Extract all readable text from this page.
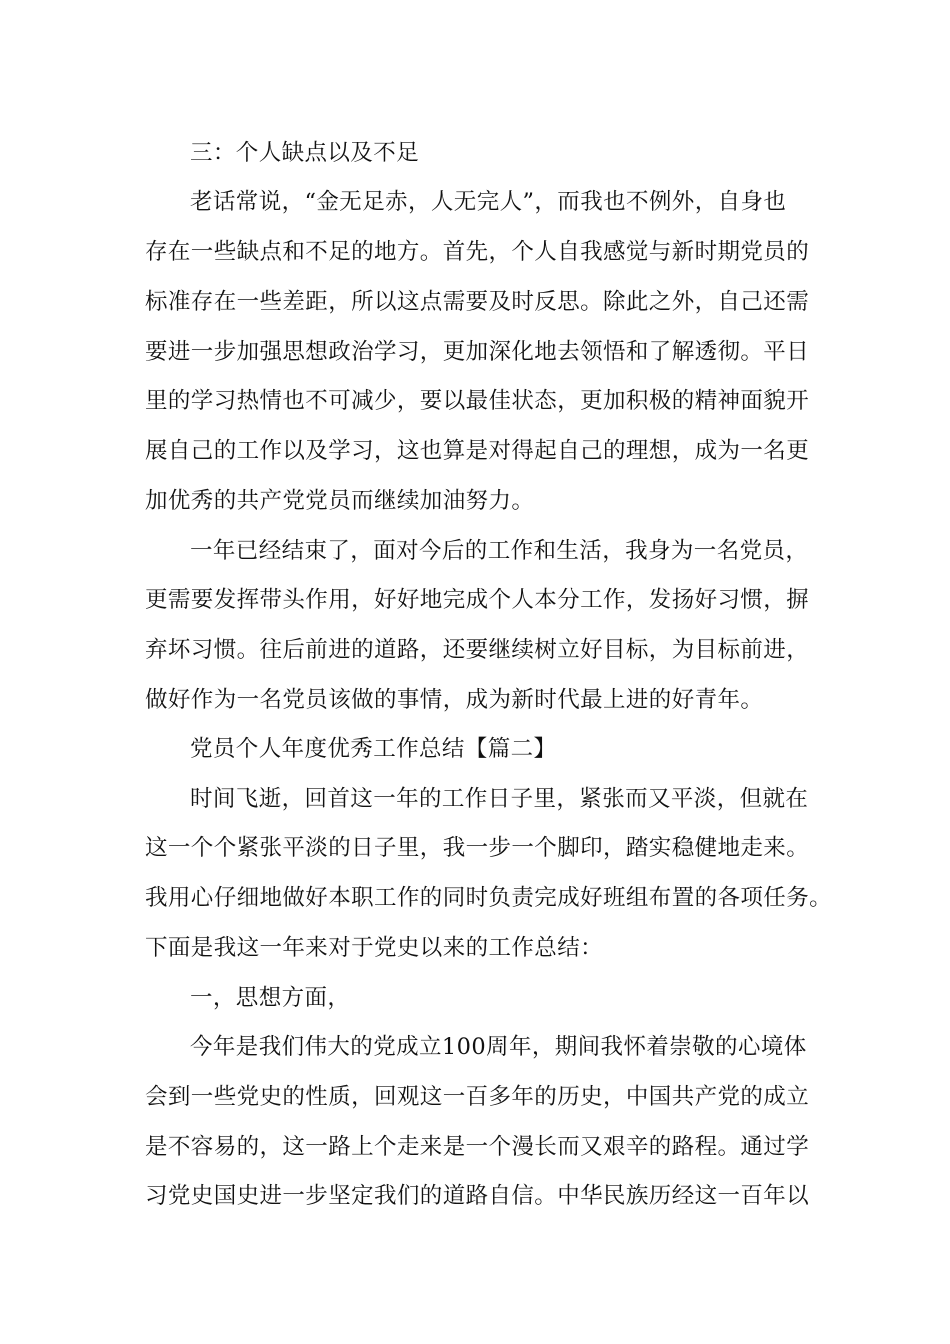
三：个人缺点以及不足
老话常说，“金无足赤，人无完人”，而我也不例外，自身也
存在一些缺点和不足的地方。首先，个人自我感觉与新时期党员的
标准存在一些差距，所以这点需要及时反思。除此之外，自己还需
要进一步加强思想政治学习，更加深化地去领悟和了解透彻。平日
里的学习热情也不可减少，要以最佳状态，更加积极的精神面貌开
展自己的工作以及学习，这也算是对得起自己的理想，成为一名更
加优秀的共产党党员而继续加油努力。
一年已经结束了，面对今后的工作和生活，我身为一名党员，
更需要发挥带头作用，好好地完成个人本分工作，发扬好习惯，摒
弃坏习惯。往后前进的道路，还要继续树立好目标，为目标前进，
做好作为一名党员该做的事情，成为新时代最上进的好青年。
党员个人年度优秀工作总结【篇二】
时间飞逝，回首这一年的工作日子里，紧张而又平淡，但就在
这一个个紧张平淡的日子里，我一步一个脚印，踏实稳健地走来。
我用心仔细地做好本职工作的同时负责完成好班组布置的各项任务。
下面是我这一年来对于党史以来的工作总结：
一，思想方面，
今年是我们伟大的党成立100周年，期间我怀着崇敬的心境体
会到一些党史的性质，回观这一百多年的历史，中国共产党的成立
是不容易的，这一路上个走来是一个漫长而又艰辛的路程。通过学
习党史国史进一步坚定我们的道路自信。中华民族历经这一百年以
